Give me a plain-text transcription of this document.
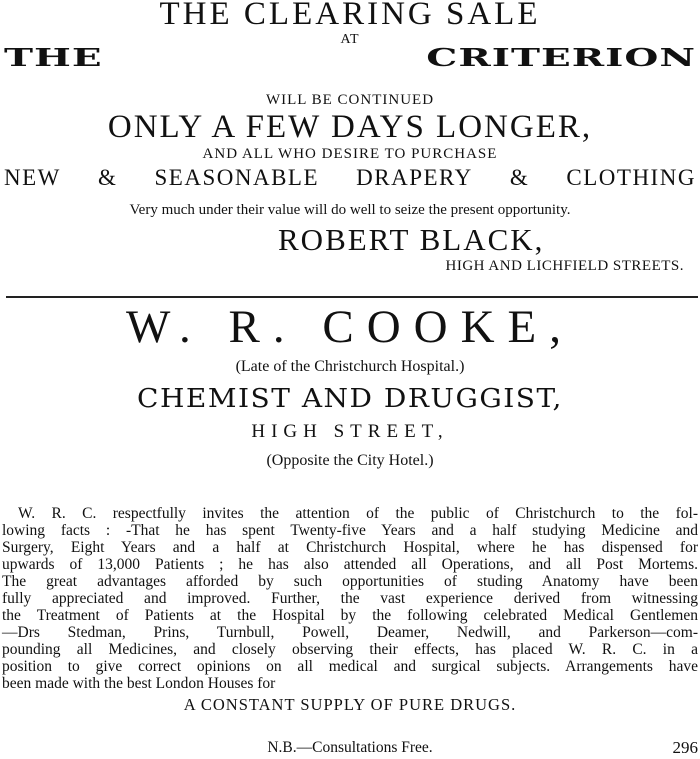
THE CLEARING SALE
AT
THE	CRITERION
WILL BE CONTINUED
ONLY A FEW DAYS LONGER,
AND ALL WHO DESIRE TO PURCHASE
NEW & SEASONABLE DRAPERY & CLOTHING
Very much under their value will do well to seize the present opportunity.
ROBERT BLACK,
HIGH AND LICHFIELD STREETS.
W. R. COOKE,
(Late of the Christchurch Hospital.)
CHEMIST AND DRUGGIST,
HIGH STREET,
(Opposite the City Hotel.)
W. R. C. respectfully invites the attention of the public of Christchurch to the fol-
lowing facts : -That he has spent Twenty-five Years and a half studying Medicine and
Surgery, Eight Years and a half at Christchurch Hospital, where he has dispensed for
upwards of 13,000 Patients ; he has also attended all Operations, and all Post Mortems.
The great advantages afforded by such opportunities of studing Anatomy have been
fully appreciated and improved. Further, the vast experience derived from witnessing
the Treatment of Patients at the Hospital by the following celebrated Medical Gentlemen
—Drs Stedman, Prins, Turnbull, Powell, Deamer, Nedwill, and Parkerson—com-
pounding all Medicines, and closely observing their effects, has placed W. R. C. in a
position to give correct opinions on all medical and surgical subjects. Arrangements have
been made with the best London Houses for
A CONSTANT SUPPLY OF PURE DRUGS.
N.B.—Consultations Free.	296
